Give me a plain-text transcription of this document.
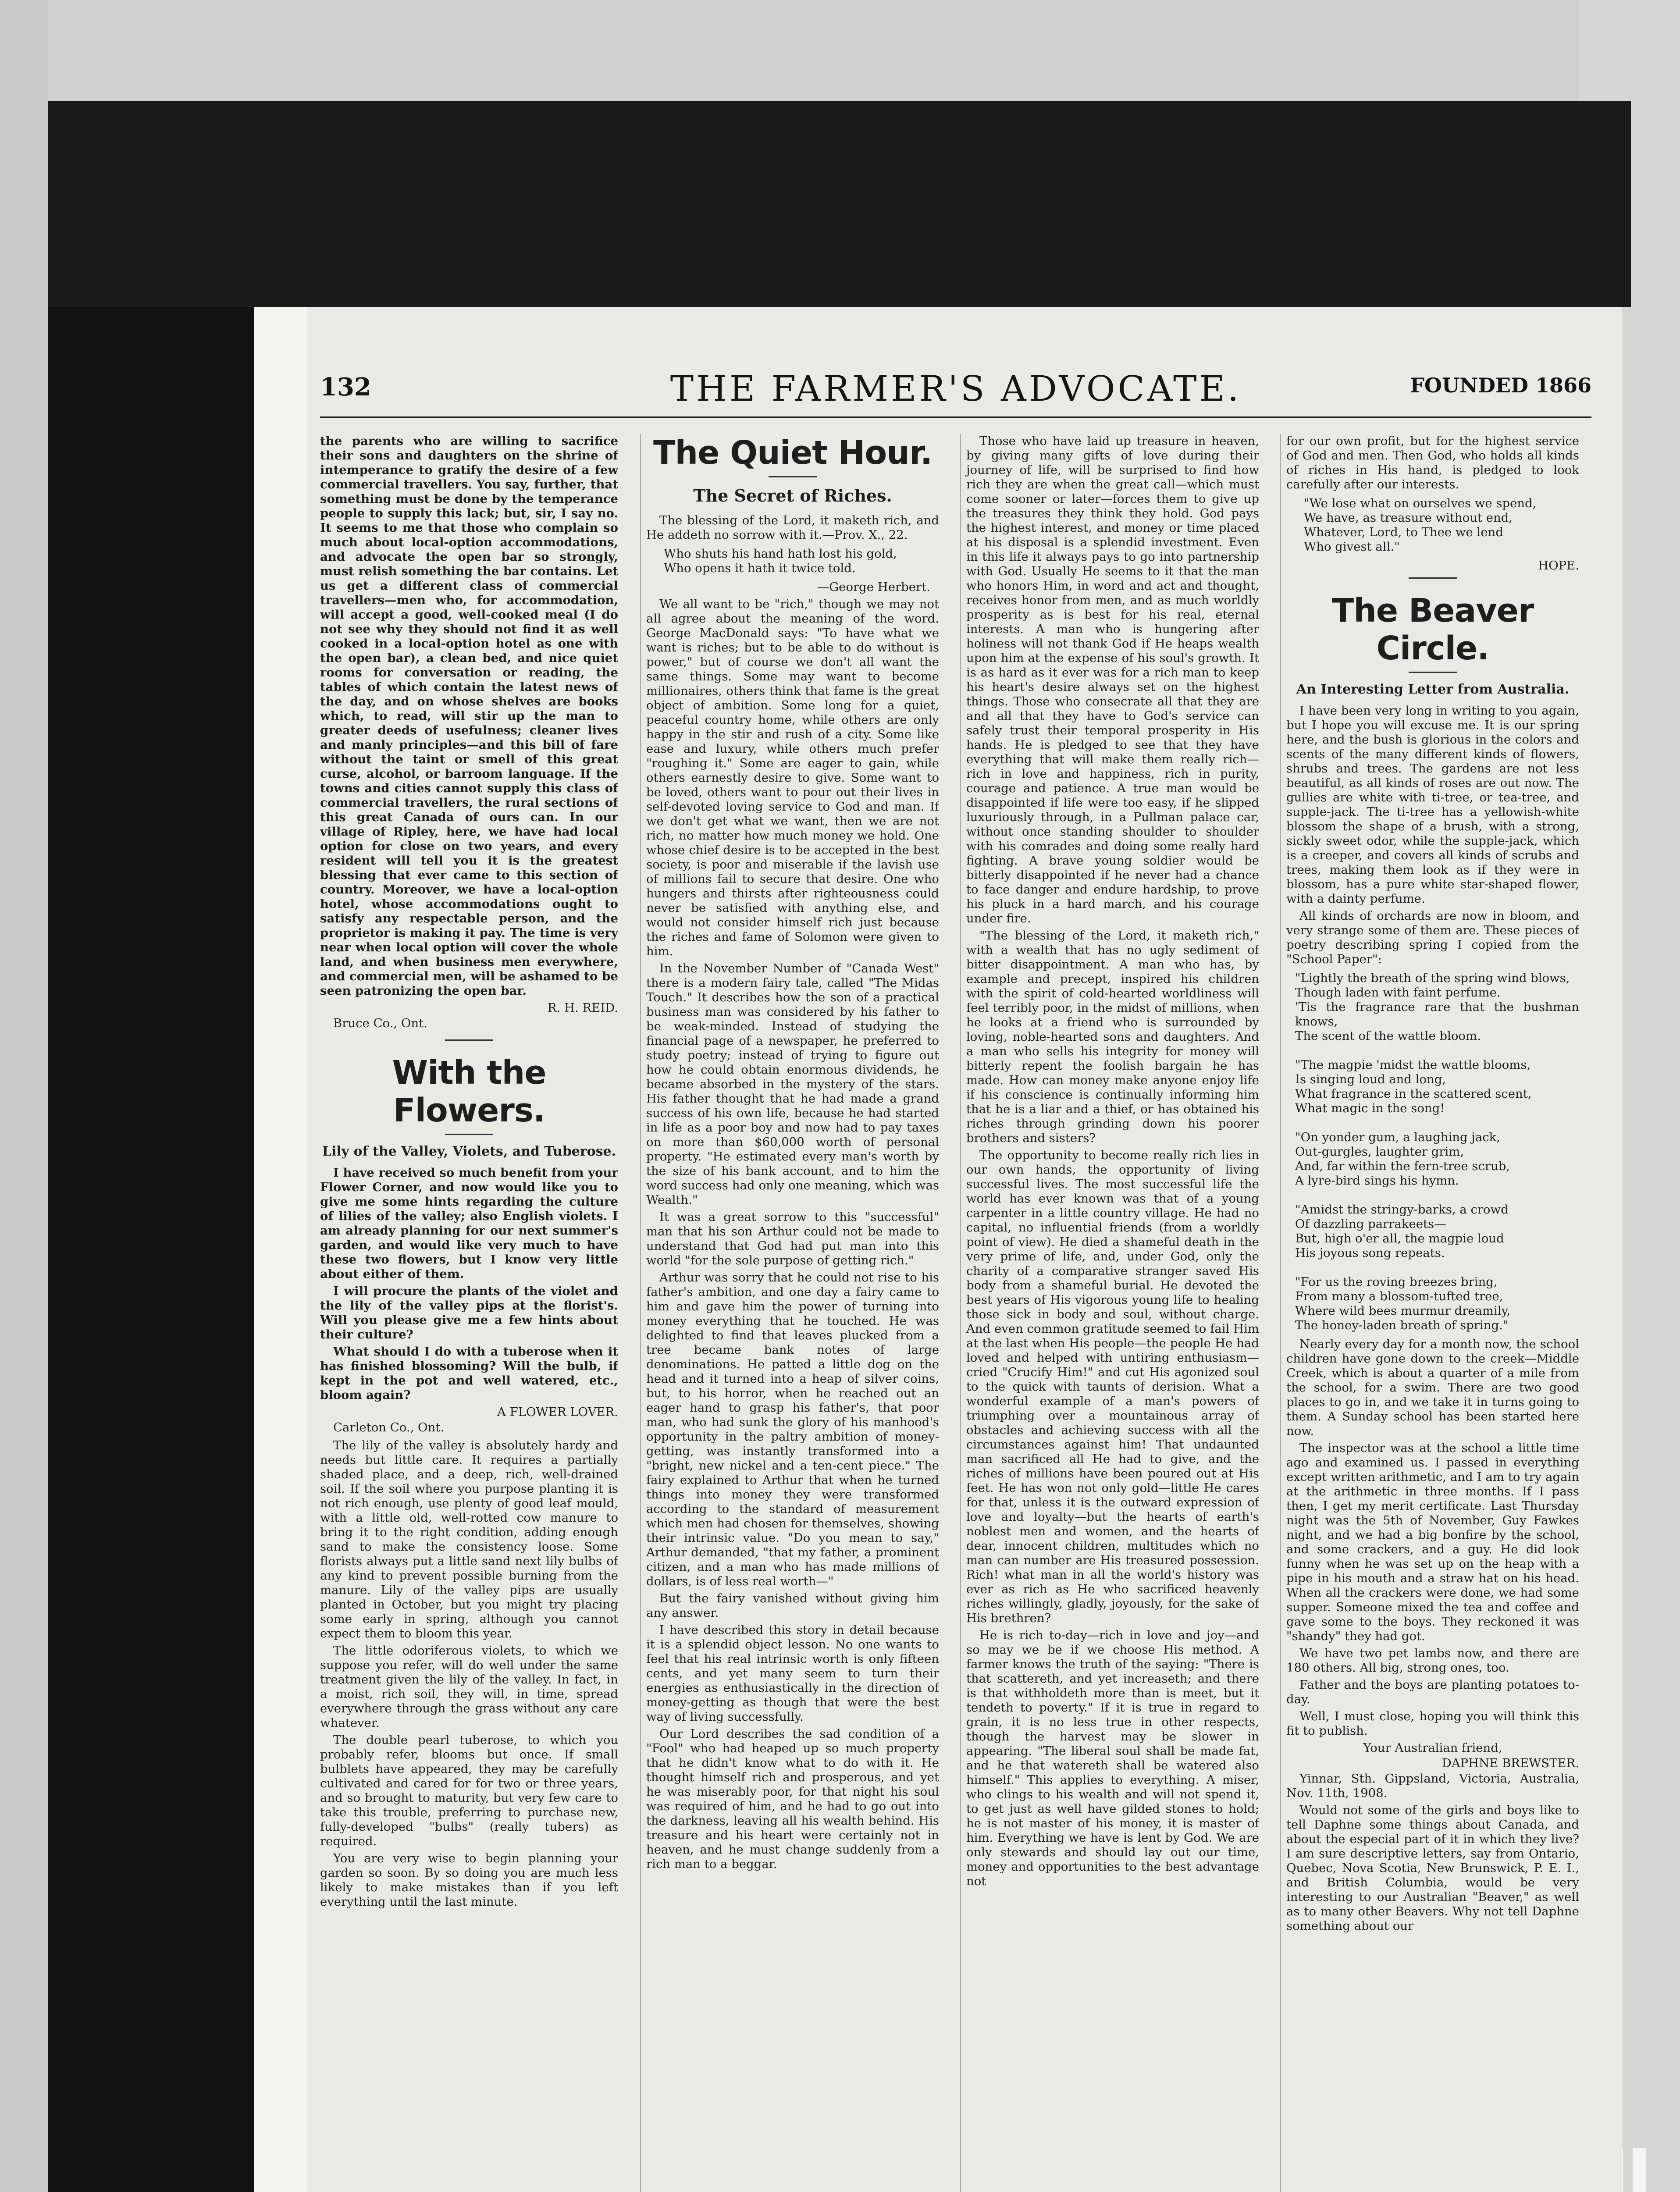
132	THE FARMER'S ADVOCATE.	FOUNDED 1866

the parents who are willing to sacrifice their sons and daughters on the shrine of intemperance to gratify the desire of a few commercial travellers. You say, further, that something must be done by the temperance people to supply this lack; but, sir, I say no. It seems to me that those who complain so much about local-option accommodations, and advocate the open bar so strongly, must relish something the bar contains. Let us get a different class of commercial travellers—men who, for accommodation, will accept a good, well-cooked meal (I do not see why they should not find it as well cooked in a local-option hotel as one with the open bar), a clean bed, and nice quiet rooms for conversation or reading, the tables of which contain the latest news of the day, and on whose shelves are books which, to read, will stir up the man to greater deeds of usefulness; cleaner lives and manly principles—and this bill of fare without the taint or smell of this great curse, alcohol, or barroom language. If the towns and cities cannot supply this class of commercial travellers, the rural sections of this great Canada of ours can. In our village of Ripley, here, we have had local option for close on two years, and every resident will tell you it is the greatest blessing that ever came to this section of country. Moreover, we have a local-option hotel, whose accommodations ought to satisfy any respectable person, and the proprietor is making it pay. The time is very near when local option will cover the whole land, and when business men everywhere, and commercial men, will be ashamed to be seen patronizing the open bar.

R. H. REID.
Bruce Co., Ont.
With the Flowers.
Lily of the Valley, Violets, and Tuberose.

I have received so much benefit from your Flower Corner, and now would like you to give me some hints regarding the culture of lilies of the valley; also English violets. I am already planning for our next summer's garden, and would like very much to have these two flowers, but I know very little about either of them.

I will procure the plants of the violet and the lily of the valley pips at the florist's. Will you please give me a few hints about their culture?

What should I do with a tuberose when it has finished blossoming? Will the bulb, if kept in the pot and well watered, etc., bloom again?

A FLOWER LOVER.
Carleton Co., Ont.

The lily of the valley is absolutely hardy and needs but little care. It requires a partially shaded place, and a deep, rich, well-drained soil. If the soil where you purpose planting it is not rich enough, use plenty of good leaf mould, with a little old, well-rotted cow manure to bring it to the right condition, adding enough sand to make the consistency loose. Some florists always put a little sand next lily bulbs of any kind to prevent possible burning from the manure. Lily of the valley pips are usually planted in October, but you might try placing some early in spring, although you cannot expect them to bloom this year.

The little odoriferous violets, to which we suppose you refer, will do well under the same treatment given the lily of the valley. In fact, in a moist, rich soil, they will, in time, spread everywhere through the grass without any care whatever.

The double pearl tuberose, to which you probably refer, blooms but once. If small bulblets have appeared, they may be carefully cultivated and cared for for two or three years, and so brought to maturity, but very few care to take this trouble, preferring to purchase new, fully-developed "bulbs" (really tubers) as required.

You are very wise to begin planning your garden so soon. By so doing you are much less likely to make mistakes than if you left everything until the last minute.

The Quiet Hour.
The Secret of Riches.

The blessing of the Lord, it maketh rich, and He addeth no sorrow with it.—Prov. X., 22.

Who shuts his hand hath lost his gold,
Who opens it hath it twice told.
—George Herbert.

We all want to be "rich," though we may not all agree about the meaning of the word. George MacDonald says: "To have what we want is riches; but to be able to do without is power," but of course we don't all want the same things. Some may want to become millionaires, others think that fame is the great object of ambition. Some long for a quiet, peaceful country home, while others are only happy in the stir and rush of a city. Some like ease and luxury, while others much prefer "roughing it." Some are eager to gain, while others earnestly desire to give. Some want to be loved, others want to pour out their lives in self-devoted loving service to God and man. If we don't get what we want, then we are not rich, no matter how much money we hold. One whose chief desire is to be accepted in the best society, is poor and miserable if the lavish use of millions fail to secure that desire. One who hungers and thirsts after righteousness could never be satisfied with anything else, and would not consider himself rich just because the riches and fame of Solomon were given to him.

In the November Number of "Canada West" there is a modern fairy tale, called "The Midas Touch." It describes how the son of a practical business man was considered by his father to be weak-minded. Instead of studying the financial page of a newspaper, he preferred to study poetry; instead of trying to figure out how he could obtain enormous dividends, he became absorbed in the mystery of the stars. His father thought that he had made a grand success of his own life, because he had started in life as a poor boy and now had to pay taxes on more than $60,000 worth of personal property. "He estimated every man's worth by the size of his bank account, and to him the word success had only one meaning, which was Wealth."

It was a great sorrow to this "successful" man that his son Arthur could not be made to understand that God had put man into this world "for the sole purpose of getting rich."

Arthur was sorry that he could not rise to his father's ambition, and one day a fairy came to him and gave him the power of turning into money everything that he touched. He was delighted to find that leaves plucked from a tree became bank notes of large denominations. He patted a little dog on the head and it turned into a heap of silver coins, but, to his horror, when he reached out an eager hand to grasp his father's, that poor man, who had sunk the glory of his manhood's opportunity in the paltry ambition of money-getting, was instantly transformed into a "bright, new nickel and a ten-cent piece." The fairy explained to Arthur that when he turned things into money they were transformed according to the standard of measurement which men had chosen for themselves, showing their intrinsic value. "Do you mean to say," Arthur demanded, "that my father, a prominent citizen, and a man who has made millions of dollars, is of less real worth—"

But the fairy vanished without giving him any answer.

I have described this story in detail because it is a splendid object lesson. No one wants to feel that his real intrinsic worth is only fifteen cents, and yet many seem to turn their energies as enthusiastically in the direction of money-getting as though that were the best way of living successfully.

Our Lord describes the sad condition of a "Fool" who had heaped up so much property that he didn't know what to do with it. He thought himself rich and prosperous, and yet he was miserably poor, for that night his soul was required of him, and he had to go out into the darkness, leaving all his wealth behind. His treasure and his heart were certainly not in heaven, and he must change suddenly from a rich man to a beggar.

Those who have laid up treasure in heaven, by giving many gifts of love during their journey of life, will be surprised to find how rich they are when the great call—which must come sooner or later—forces them to give up the treasures they think they hold. God pays the highest interest, and money or time placed at his disposal is a splendid investment. Even in this life it always pays to go into partnership with God. Usually He seems to it that the man who honors Him, in word and act and thought, receives honor from men, and as much worldly prosperity as is best for his real, eternal interests. A man who is hungering after holiness will not thank God if He heaps wealth upon him at the expense of his soul's growth. It is as hard as it ever was for a rich man to keep his heart's desire always set on the highest things. Those who consecrate all that they are and all that they have to God's service can safely trust their temporal prosperity in His hands. He is pledged to see that they have everything that will make them really rich—rich in love and happiness, rich in purity, courage and patience. A true man would be disappointed if life were too easy, if he slipped luxuriously through, in a Pullman palace car, without once standing shoulder to shoulder with his comrades and doing some really hard fighting. A brave young soldier would be bitterly disappointed if he never had a chance to face danger and endure hardship, to prove his pluck in a hard march, and his courage under fire.

"The blessing of the Lord, it maketh rich," with a wealth that has no ugly sediment of bitter disappointment. A man who has, by example and precept, inspired his children with the spirit of cold-hearted worldliness will feel terribly poor, in the midst of millions, when he looks at a friend who is surrounded by loving, noble-hearted sons and daughters. And a man who sells his integrity for money will bitterly repent the foolish bargain he has made. How can money make anyone enjoy life if his conscience is continually informing him that he is a liar and a thief, or has obtained his riches through grinding down his poorer brothers and sisters?

The opportunity to become really rich lies in our own hands, the opportunity of living successful lives. The most successful life the world has ever known was that of a young carpenter in a little country village. He had no capital, no influential friends (from a worldly point of view). He died a shameful death in the very prime of life, and, under God, only the charity of a comparative stranger saved His body from a shameful burial. He devoted the best years of His vigorous young life to healing those sick in body and soul, without charge. And even common gratitude seemed to fail Him at the last when His people—the people He had loved and helped with untiring enthusiasm—cried "Crucify Him!" and cut His agonized soul to the quick with taunts of derision. What a wonderful example of a man's powers of triumphing over a mountainous array of obstacles and achieving success with all the circumstances against him! That undaunted man sacrificed all He had to give, and the riches of millions have been poured out at His feet. He has won not only gold—little He cares for that, unless it is the outward expression of love and loyalty—but the hearts of earth's noblest men and women, and the hearts of dear, innocent children, multitudes which no man can number are His treasured possession. Rich! what man in all the world's history was ever as rich as He who sacrificed heavenly riches willingly, gladly, joyously, for the sake of His brethren?

He is rich to-day—rich in love and joy—and so may we be if we choose His method. A farmer knows the truth of the saying: "There is that scattereth, and yet increaseth; and there is that withholdeth more than is meet, but it tendeth to poverty." If it is true in regard to grain, it is no less true in other respects, though the harvest may be slower in appearing. "The liberal soul shall be made fat, and he that watereth shall be watered also himself." This applies to everything. A miser, who clings to his wealth and will not spend it, to get just as well have gilded stones to hold; he is not master of his money, it is master of him. Everything we have is lent by God. We are only stewards and should lay out our time, money and opportunities to the best advantage not

for our own profit, but for the highest service of God and men. Then God, who holds all kinds of riches in His hand, is pledged to look carefully after our interests.

"We lose what on ourselves we spend,
We have, as treasure without end,
Whatever, Lord, to Thee we lend
Who givest all."
HOPE.
The Beaver Circle.
An Interesting Letter from Australia.

I have been very long in writing to you again, but I hope you will excuse me. It is our spring here, and the bush is glorious in the colors and scents of the many different kinds of flowers, shrubs and trees. The gardens are not less beautiful, as all kinds of roses are out now. The gullies are white with ti-tree, or tea-tree, and supple-jack. The ti-tree has a yellowish-white blossom the shape of a brush, with a strong, sickly sweet odor, while the supple-jack, which is a creeper, and covers all kinds of scrubs and trees, making them look as if they were in blossom, has a pure white star-shaped flower, with a dainty perfume.

All kinds of orchards are now in bloom, and very strange some of them are. These pieces of poetry describing spring I copied from the "School Paper":

"Lightly the breath of the spring wind blows,
Though laden with faint perfume.
'Tis the fragrance rare that the bushman knows,
The scent of the wattle bloom.

"The magpie 'midst the wattle blooms,
Is singing loud and long,
What fragrance in the scattered scent,
What magic in the song!

"On yonder gum, a laughing jack,
Out-gurgles, laughter grim,
And, far within the fern-tree scrub,
A lyre-bird sings his hymn.

"Amidst the stringy-barks, a crowd
Of dazzling parrakeets—
But, high o'er all, the magpie loud
His joyous song repeats.

"For us the roving breezes bring,
From many a blossom-tufted tree,
Where wild bees murmur dreamily,
The honey-laden breath of spring."

Nearly every day for a month now, the school children have gone down to the creek—Middle Creek, which is about a quarter of a mile from the school, for a swim. There are two good places to go in, and we take it in turns going to them. A Sunday school has been started here now.

The inspector was at the school a little time ago and examined us. I passed in everything except written arithmetic, and I am to try again at the arithmetic in three months. If I pass then, I get my merit certificate. Last Thursday night was the 5th of November, Guy Fawkes night, and we had a big bonfire by the school, and some crackers, and a guy. He did look funny when he was set up on the heap with a pipe in his mouth and a straw hat on his head. When all the crackers were done, we had some supper. Someone mixed the tea and coffee and gave some to the boys. They reckoned it was "shandy" they had got.

We have two pet lambs now, and there are 180 others. All big, strong ones, too.

Father and the boys are planting potatoes to-day.

Well, I must close, hoping you will think this fit to publish.

Your Australian friend,
DAPHNE BREWSTER.

Yinnar, Sth. Gippsland, Victoria, Australia, Nov. 11th, 1908.

Would not some of the girls and boys like to tell Daphne some things about Canada, and about the especial part of it in which they live? I am sure descriptive letters, say from Ontario, Quebec, Nova Scotia, New Brunswick, P. E. I., and British Columbia, would be very interesting to our Australian "Beaver," as well as to many other Beavers. Why not tell Daphne something about our
